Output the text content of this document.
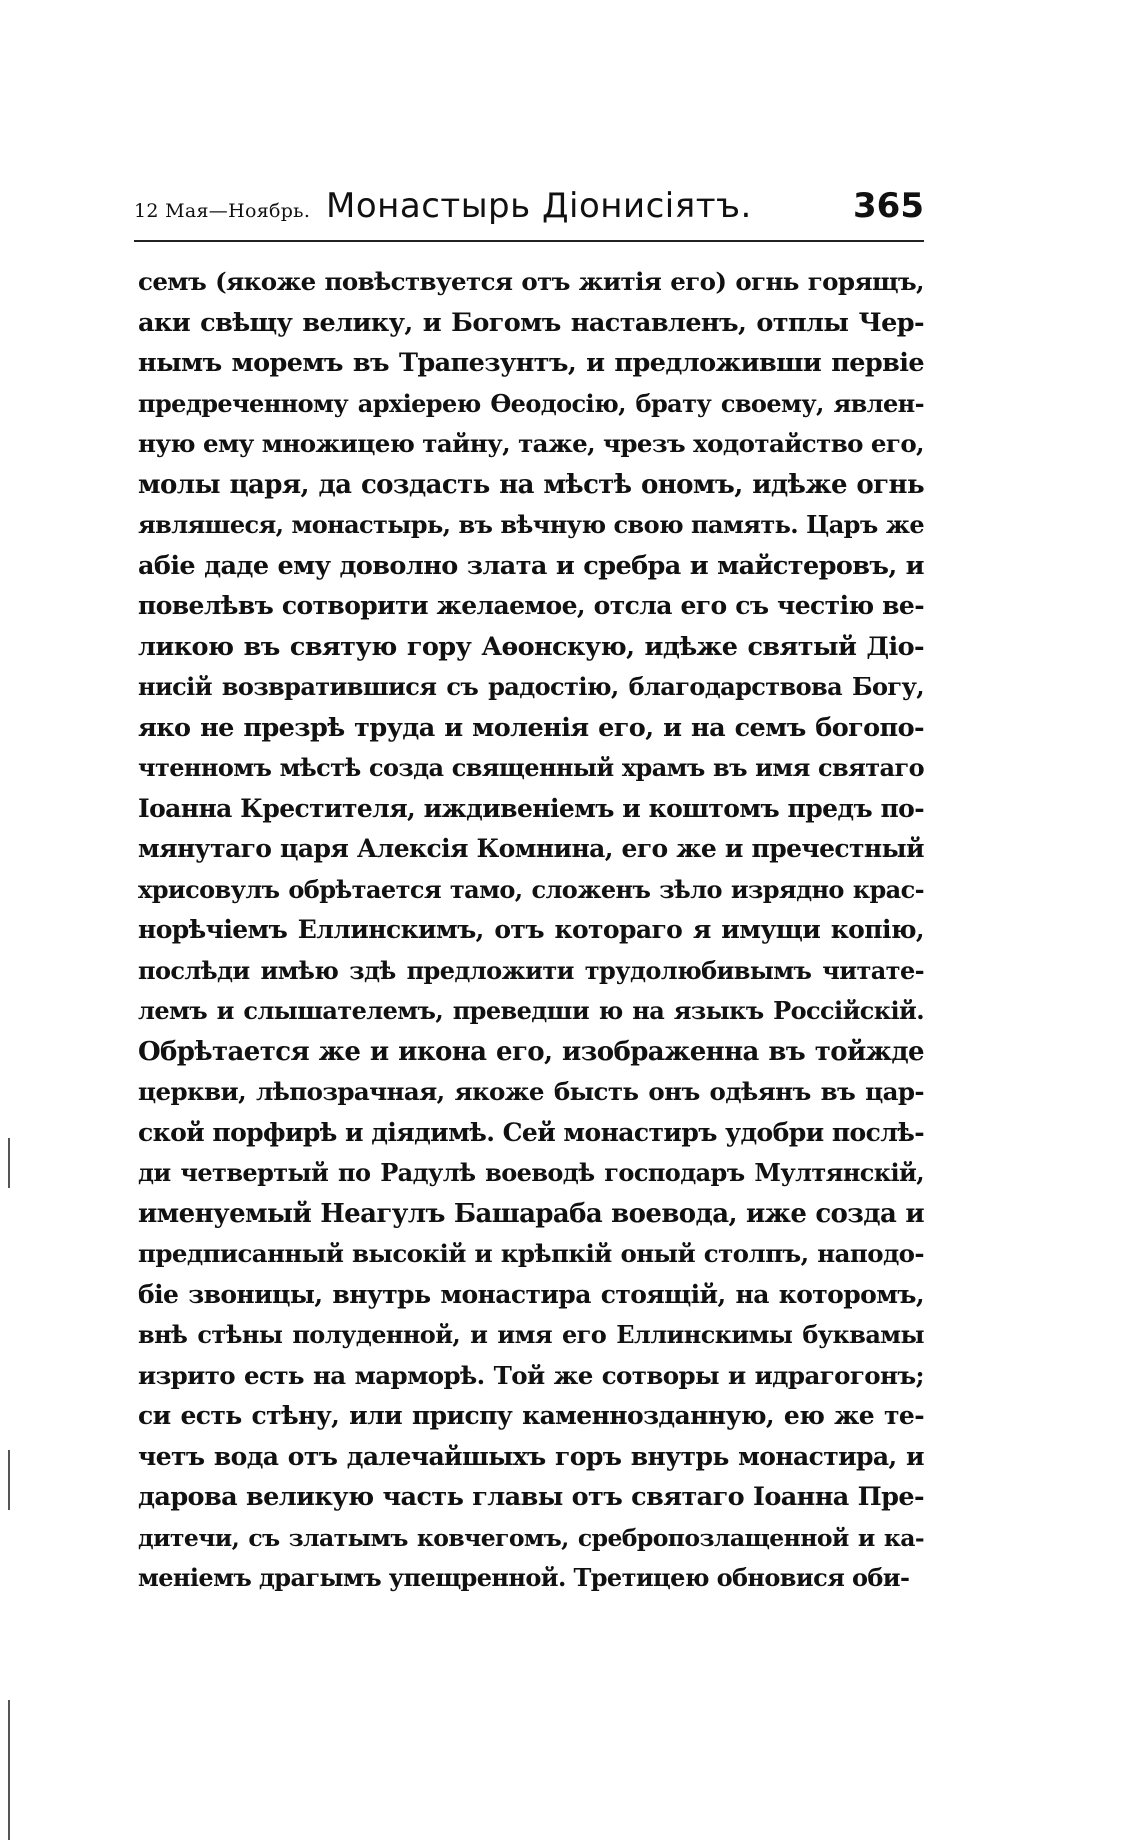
12 Мая—Ноябрь. Монастырь Діонисіятъ.	365
семъ (якоже повѣствуется отъ житія его) огнь горящъ,
аки свѣщу велику, и Богомъ наставленъ, отплы Чер-
нымъ моремъ въ Трапезунтъ, и предложивши первіе
предреченному архіерею Ѳеодосію, брату своему, явлен-
ную ему множицею тайну, таже, чрезъ ходотайство его,
молы царя, да создасть на мѣстѣ ономъ, идѣже огнь
являшеся, монастырь, въ вѣчную свою память. Царъ же
абіе даде ему доволно злата и сребра и майстеровъ, и
повелѣвъ сотворити желаемое, отсла его съ честію ве-
ликою въ святую гору Аѳонскую, идѣже святый Діо-
нисій возвратившися съ радостію, благодарствова Богу,
яко не презрѣ труда и моленія его, и на семъ богопо-
чтенномъ мѣстѣ созда священный храмъ въ имя святаго
Іоанна Крестителя, иждивеніемъ и коштомъ предъ по-
мянутаго царя Алексія Комнина, его же и пречестный
хрисовулъ обрѣтается тамо, сложенъ зѣло изрядно крас-
норѣчіемъ Еллинскимъ, отъ котораго я имущи копію,
послѣди имѣю здѣ предложити трудолюбивымъ читате-
лемъ и слышателемъ, преведши ю на языкъ Россійскій.
Обрѣтается же и икона его, изображенна въ тойжде
церкви, лѣпозрачная, якоже бысть онъ одѣянъ въ цар-
ской порфирѣ и діядимѣ. Сей монастиръ удобри послѣ-
ди четвертый по Радулѣ воеводѣ господаръ Мултянскій,
именуемый Неагулъ Башараба воевода, иже созда и
предписанный высокій и крѣпкій оный столпъ, наподо-
біе звоницы, внутрь монастира стоящій, на которомъ,
внѣ стѣны полуденной, и имя его Еллинскимы буквамы
изрито есть на марморѣ. Той же сотворы и идрагогонъ;
си есть стѣну, или приспу каменнозданную, ею же те-
четъ вода отъ далечайшыхъ горъ внутрь монастира, и
дарова великую часть главы отъ святаго Іоанна Пре-
дитечи, съ златымъ ковчегомъ, сребропозлащенной и ка-
меніемъ драгымъ упещренной. Третицею обновися оби-
